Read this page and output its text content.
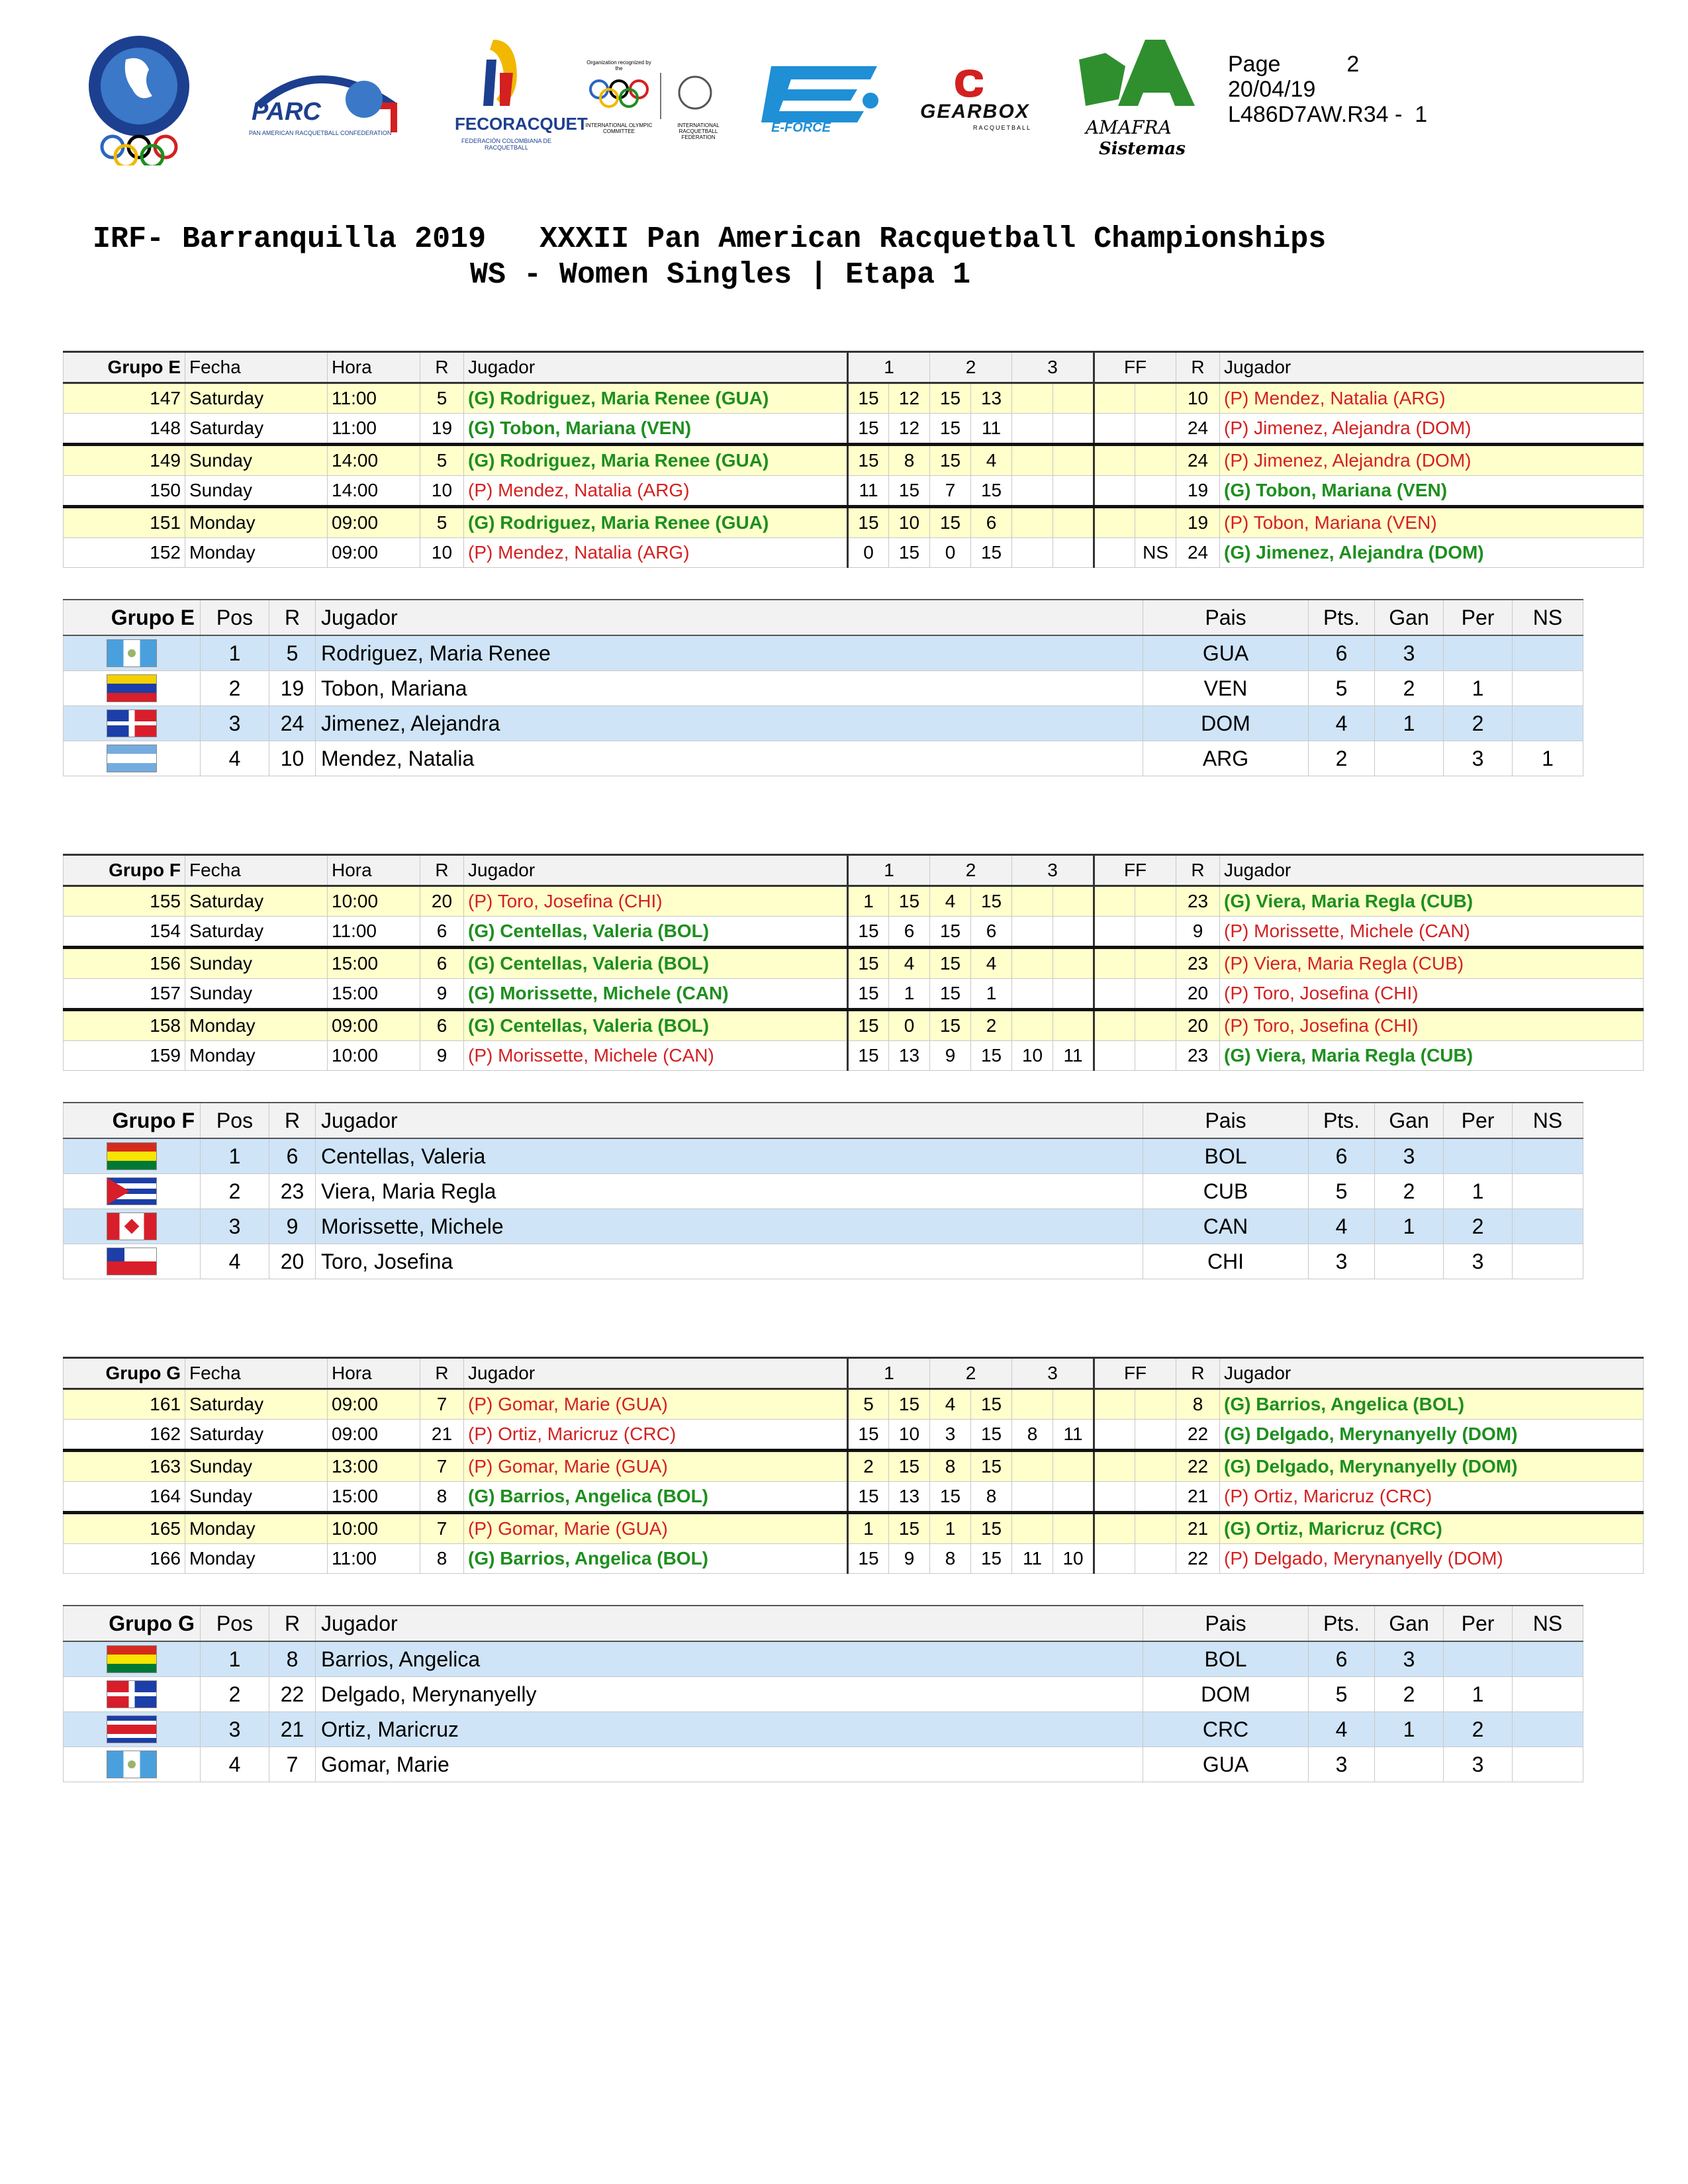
PARC
PAN AMERICAN RACQUETBALL CONFEDERATION	FECORACQUET
FEDERACIÓN COLOMBIANA DE RACQUETBALL
Organization recognized by the
INTERNATIONAL OLYMPIC COMMITTEE
INTERNATIONAL RACQUETBALL FEDERATION
E-FORCE
GEARBOX
RACQUETBALL	AMAFRA
Sistemas
Page	2
20/04/19
L486D7AW.R34 -  1
IRF- Barranquilla 2019   XXXII Pan American Racquetball Championships
WS - Women Singles | Etapa 1
Grupo E	Fecha	Hora	R	Jugador	1		2		3		FF		R	Jugador
147	Saturday	11:00	5	(G) Rodriguez, Maria Renee (GUA)	15	12	15	13					10	(P) Mendez, Natalia (ARG)
148	Saturday	11:00	19	(G) Tobon, Mariana (VEN)	15	12	15	11					24	(P) Jimenez, Alejandra (DOM)
149	Sunday	14:00	5	(G) Rodriguez, Maria Renee (GUA)	15	8	15	4					24	(P) Jimenez, Alejandra (DOM)
150	Sunday	14:00	10	(P) Mendez, Natalia (ARG)	11	15	7	15					19	(G) Tobon, Mariana (VEN)
151	Monday	09:00	5	(G) Rodriguez, Maria Renee (GUA)	15	10	15	6					19	(P) Tobon, Mariana (VEN)
152	Monday	09:00	10	(P) Mendez, Natalia (ARG)	0	15	0	15				NS	24	(G) Jimenez, Alejandra (DOM)
Grupo E	Pos	R	Jugador	Pais	Pts.	Gan	Per	NS
	1	5	Rodriguez, Maria Renee	GUA	6	3		
	2	19	Tobon, Mariana	VEN	5	2	1	
	3	24	Jimenez, Alejandra	DOM	4	1	2	
	4	10	Mendez, Natalia	ARG	2		3	1
Grupo F	Fecha	Hora	R	Jugador	1		2		3		FF		R	Jugador
155	Saturday	10:00	20	(P) Toro, Josefina (CHI)	1	15	4	15					23	(G) Viera, Maria Regla (CUB)
154	Saturday	11:00	6	(G) Centellas, Valeria (BOL)	15	6	15	6					9	(P) Morissette, Michele (CAN)
156	Sunday	15:00	6	(G) Centellas, Valeria (BOL)	15	4	15	4					23	(P) Viera, Maria Regla (CUB)
157	Sunday	15:00	9	(G) Morissette, Michele (CAN)	15	1	15	1					20	(P) Toro, Josefina (CHI)
158	Monday	09:00	6	(G) Centellas, Valeria (BOL)	15	0	15	2					20	(P) Toro, Josefina (CHI)
159	Monday	10:00	9	(P) Morissette, Michele (CAN)	15	13	9	15	10	11			23	(G) Viera, Maria Regla (CUB)
Grupo F	Pos	R	Jugador	Pais	Pts.	Gan	Per	NS
	1	6	Centellas, Valeria	BOL	6	3		
	2	23	Viera, Maria Regla	CUB	5	2	1	
	3	9	Morissette, Michele	CAN	4	1	2	
	4	20	Toro, Josefina	CHI	3		3	
Grupo G	Fecha	Hora	R	Jugador	1		2		3		FF		R	Jugador
161	Saturday	09:00	7	(P) Gomar, Marie (GUA)	5	15	4	15					8	(G) Barrios, Angelica (BOL)
162	Saturday	09:00	21	(P) Ortiz, Maricruz (CRC)	15	10	3	15	8	11			22	(G) Delgado, Merynanyelly (DOM)
163	Sunday	13:00	7	(P) Gomar, Marie (GUA)	2	15	8	15					22	(G) Delgado, Merynanyelly (DOM)
164	Sunday	15:00	8	(G) Barrios, Angelica (BOL)	15	13	15	8					21	(P) Ortiz, Maricruz (CRC)
165	Monday	10:00	7	(P) Gomar, Marie (GUA)	1	15	1	15					21	(G) Ortiz, Maricruz (CRC)
166	Monday	11:00	8	(G) Barrios, Angelica (BOL)	15	9	8	15	11	10			22	(P) Delgado, Merynanyelly (DOM)
Grupo G	Pos	R	Jugador	Pais	Pts.	Gan	Per	NS
	1	8	Barrios, Angelica	BOL	6	3		
	2	22	Delgado, Merynanyelly	DOM	5	2	1	
	3	21	Ortiz, Maricruz	CRC	4	1	2	
	4	7	Gomar, Marie	GUA	3		3	
